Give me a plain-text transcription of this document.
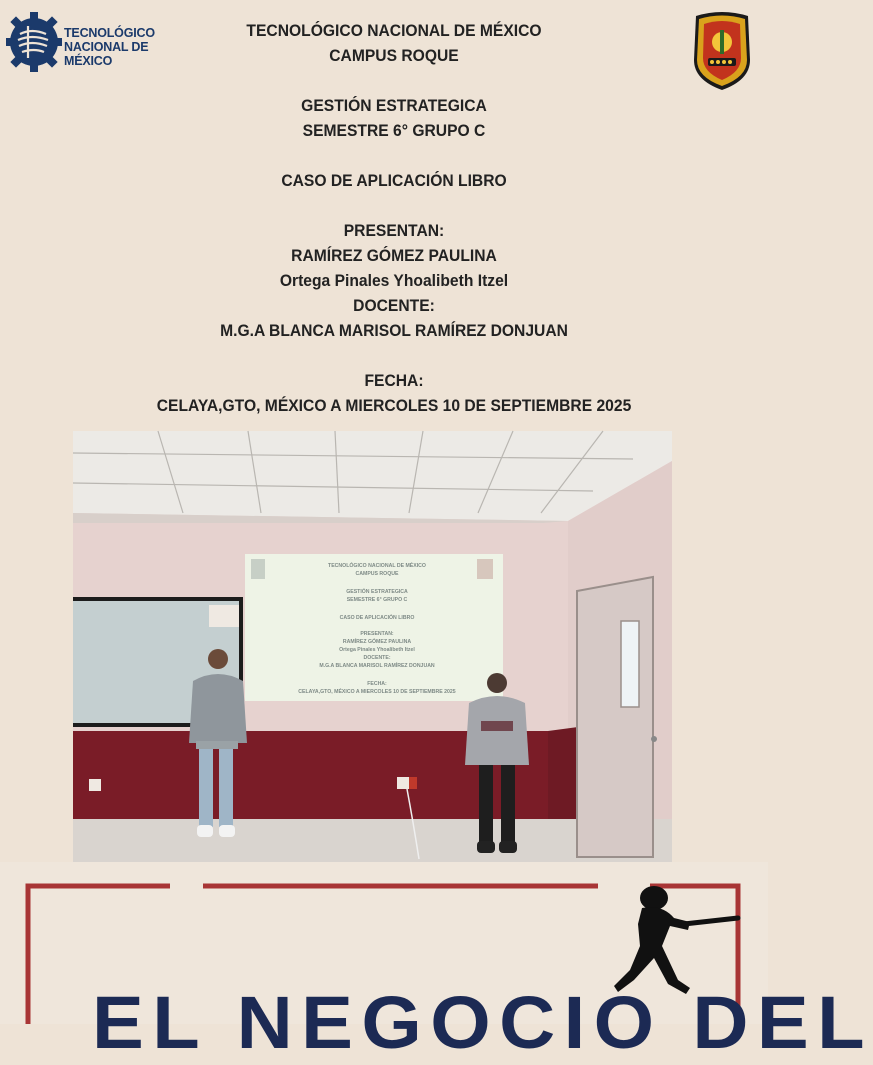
TECNOLÓGICO
NACIONAL DE MÉXICO
TECNOLÓGICO NACIONAL DE MÉXICO
CAMPUS ROQUE
GESTIÓN ESTRATEGICA
SEMESTRE 6° GRUPO C
CASO DE APLICACIÓN LIBRO
PRESENTAN:
RAMÍREZ GÓMEZ PAULINA
Ortega Pinales Yhoalibeth Itzel
DOCENTE:
M.G.A BLANCA MARISOL RAMÍREZ DONJUAN
FECHA:
CELAYA,GTO, MÉXICO A MIERCOLES 10 DE SEPTIEMBRE 2025
TECNOLÓGICO NACIONAL DE MÉXICO
CAMPUS ROQUE
GESTIÓN ESTRATEGICA
SEMESTRE 6° GRUPO C
CASO DE APLICACIÓN LIBRO
PRESENTAN:
RAMÍREZ GÓMEZ PAULINA
Ortega Pinales Yhoalibeth Itzel
DOCENTE:
M.G.A BLANCA MARISOL RAMÍREZ DONJUAN
FECHA:
CELAYA,GTO, MÉXICO A MIERCOLES 10 DE SEPTIEMBRE 2025
EL NEGOCIO DEL
